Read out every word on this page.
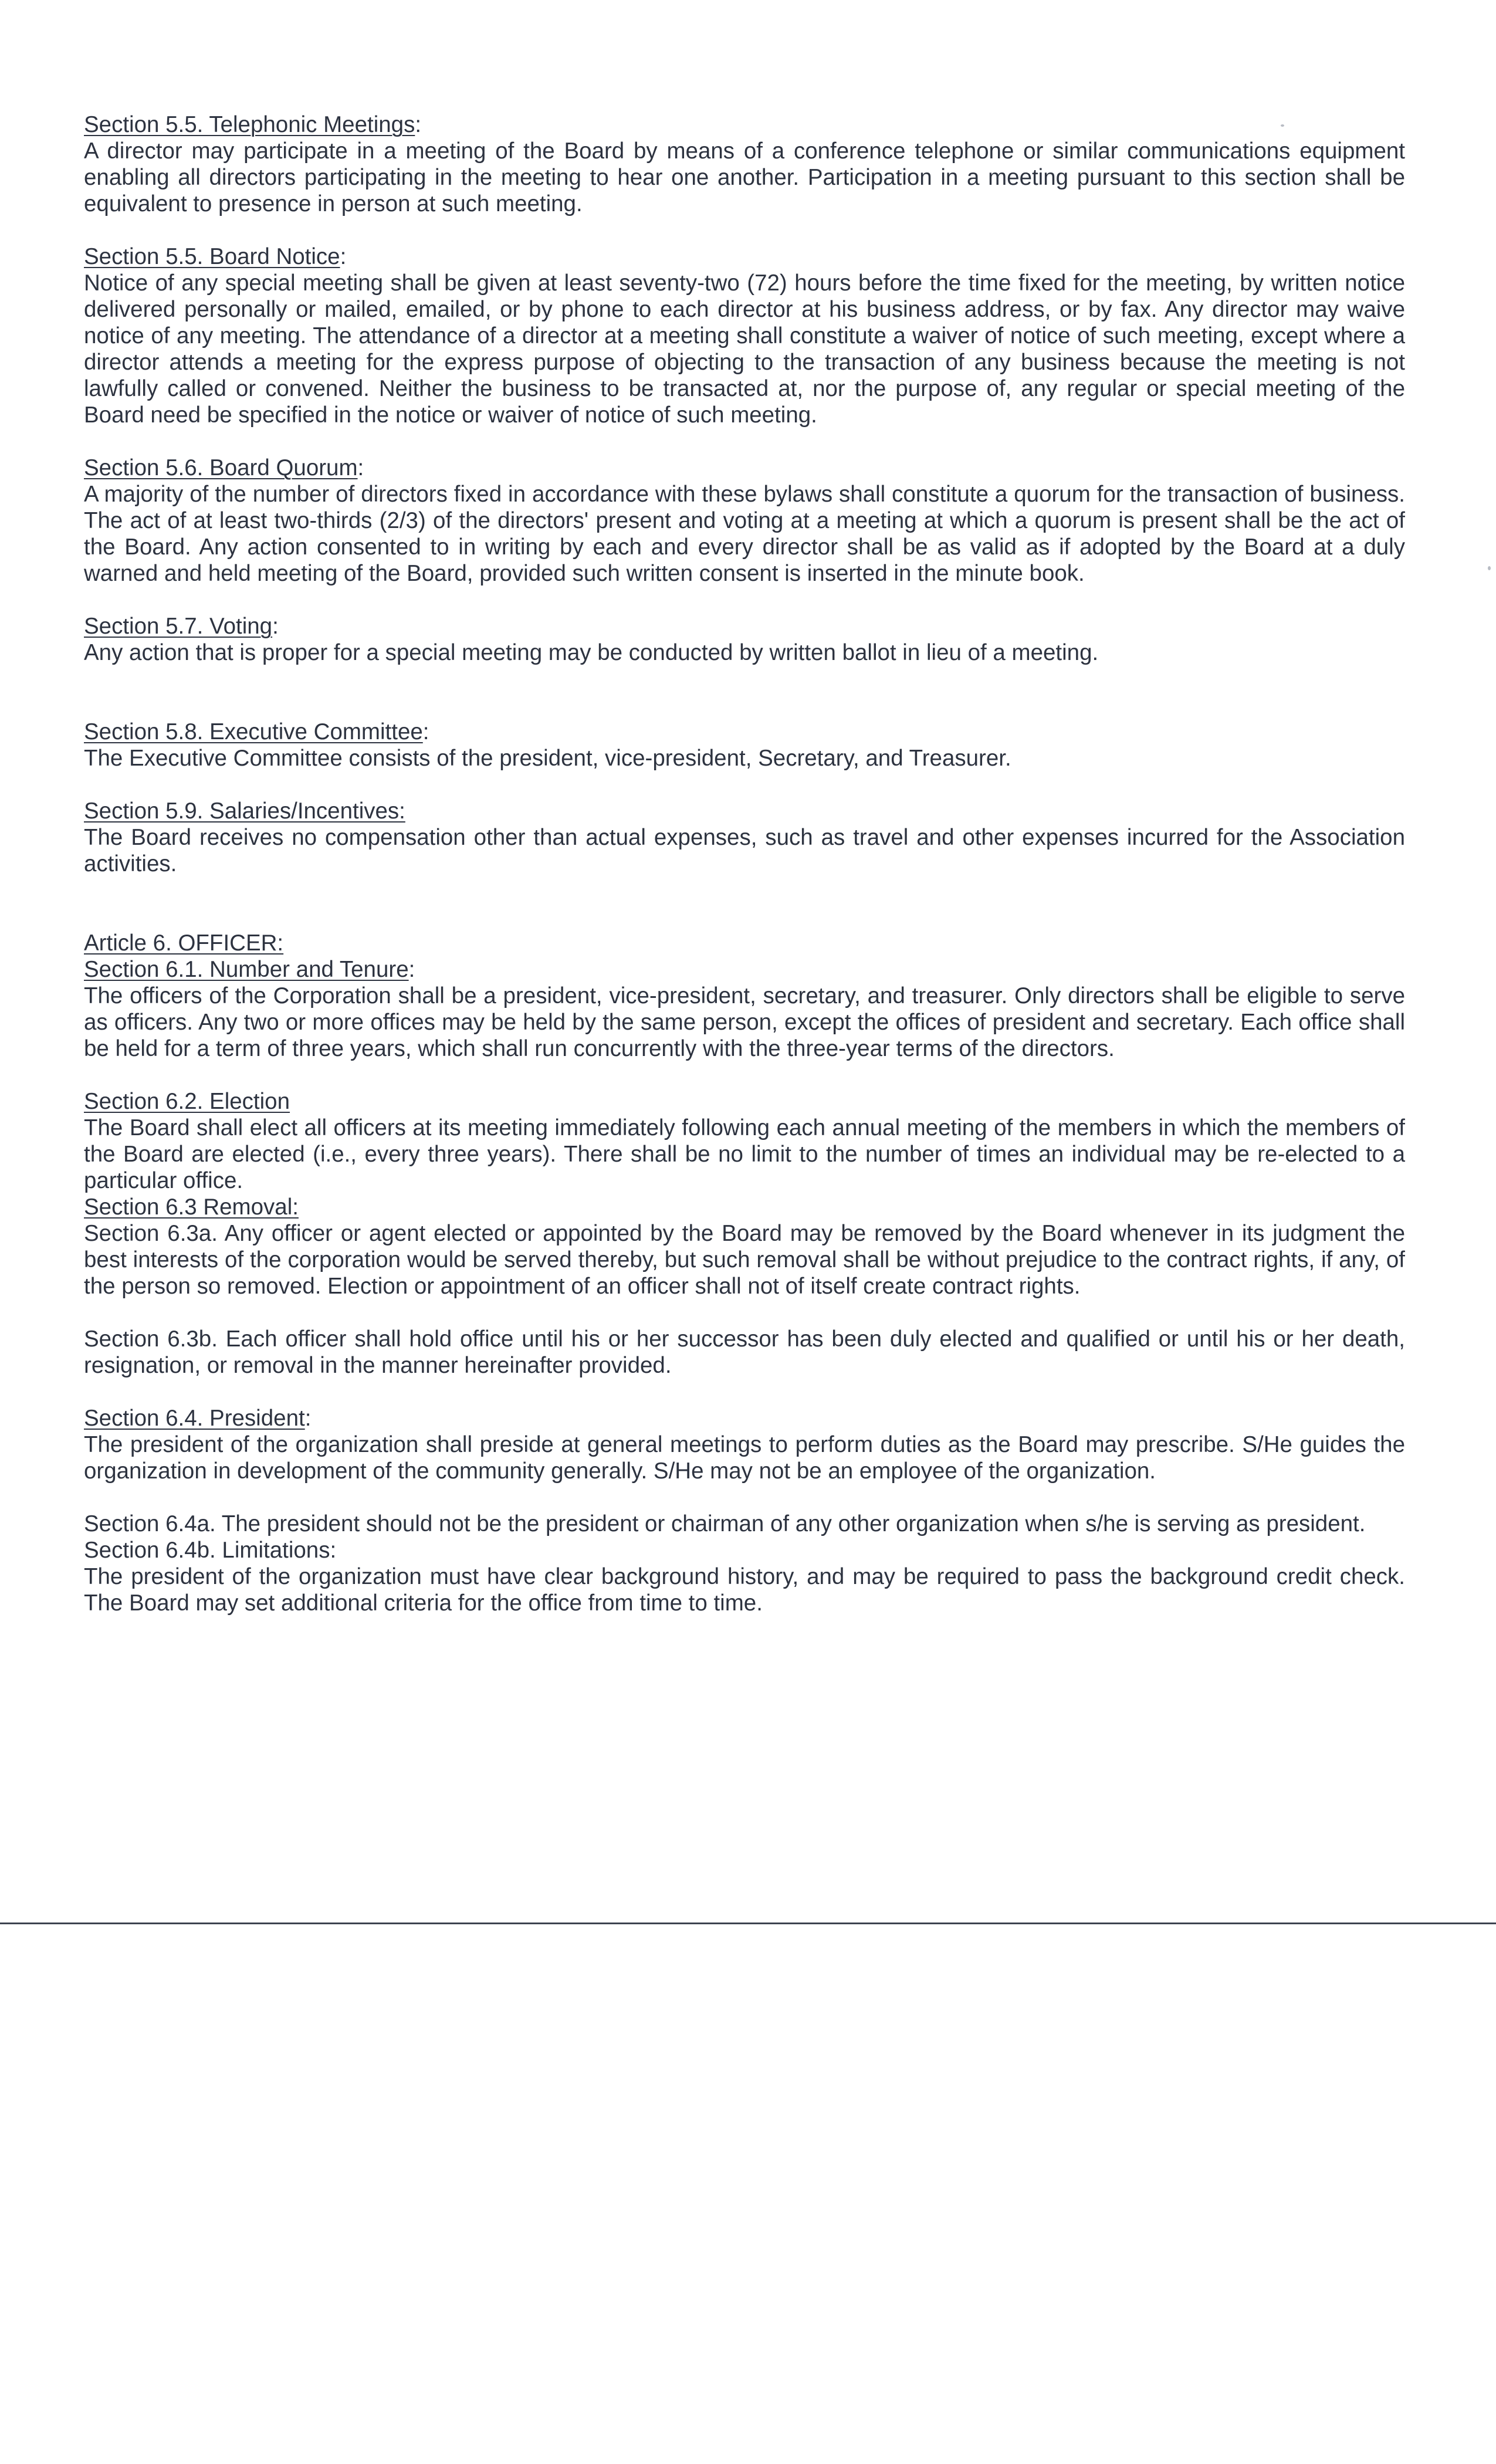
Section 5.5. Telephonic Meetings:

A director may participate in a meeting of the Board by means of a conference telephone or similar communications equipment enabling all directors participating in the meeting to hear one another. Participation in a meeting pursuant to this section shall be equivalent to presence in person at such meeting.

Section 5.5. Board Notice:

Notice of any special meeting shall be given at least seventy-two (72) hours before the time fixed for the meeting, by written notice delivered personally or mailed, emailed, or by phone to each director at his business address, or by fax. Any director may waive notice of any meeting. The attendance of a director at a meeting shall constitute a waiver of notice of such meeting, except where a director attends a meeting for the express purpose of objecting to the transaction of any business because the meeting is not lawfully called or convened. Neither the business to be transacted at, nor the purpose of, any regular or special meeting of the Board need be specified in the notice or waiver of notice of such meeting.

Section 5.6. Board Quorum:

A majority of the number of directors fixed in accordance with these bylaws shall constitute a quorum for the transaction of business. The act of at least two-thirds (2/3) of the directors' present and voting at a meeting at which a quorum is present shall be the act of the Board. Any action consented to in writing by each and every director shall be as valid as if adopted by the Board at a duly warned and held meeting of the Board, provided such written consent is inserted in the minute book.

Section 5.7. Voting:

Any action that is proper for a special meeting may be conducted by written ballot in lieu of a meeting.

Section 5.8. Executive Committee:

The Executive Committee consists of the president, vice-president, Secretary, and Treasurer.

Section 5.9. Salaries/Incentives:

The Board receives no compensation other than actual expenses, such as travel and other expenses incurred for the Association activities.

Article 6. OFFICER:
Section 6.1. Number and Tenure:

The officers of the Corporation shall be a president, vice-president, secretary, and treasurer. Only directors shall be eligible to serve as officers. Any two or more offices may be held by the same person, except the offices of president and secretary. Each office shall be held for a term of three years, which shall run concurrently with the three-year terms of the directors.

Section 6.2. Election

The Board shall elect all officers at its meeting immediately following each annual meeting of the members in which the members of the Board are elected (i.e., every three years). There shall be no limit to the number of times an individual may be re-elected to a particular office.

Section 6.3 Removal:

Section 6.3a. Any officer or agent elected or appointed by the Board may be removed by the Board whenever in its judgment the best interests of the corporation would be served thereby, but such removal shall be without prejudice to the contract rights, if any, of the person so removed. Election or appointment of an officer shall not of itself create contract rights.

Section 6.3b. Each officer shall hold office until his or her successor has been duly elected and qualified or until his or her death, resignation, or removal in the manner hereinafter provided.

Section 6.4. President:

The president of the organization shall preside at general meetings to perform duties as the Board may prescribe. S/He guides the organization in development of the community generally. S/He may not be an employee of the organization.

Section 6.4a. The president should not be the president or chairman of any other organization when s/he is serving as president.

Section 6.4b. Limitations:

The president of the organization must have clear background history, and may be required to pass the background credit check. The Board may set additional criteria for the office from time to time.
